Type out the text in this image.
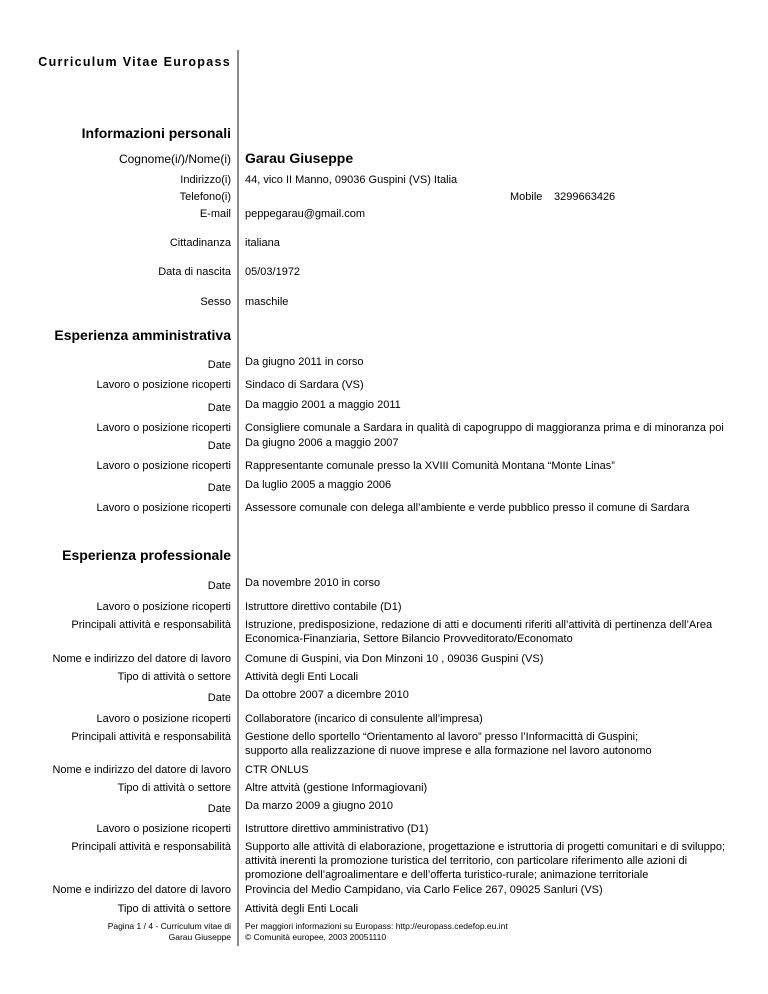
Curriculum Vitae Europass
Informazioni personali
Cognome(i/)/Nome(i) Garau Giuseppe
Indirizzo(i) 44, vico II Manno, 09036 Guspini (VS) Italia
Telefono(i)	Mobile 3299663426
E-mail peppegarau@gmail.com
Cittadinanza italiana
Data di nascita 05/03/1972
Sesso maschile
Esperienza amministrativa
Date Da giugno 2011 in corso
Lavoro o posizione ricoperti Sindaco di Sardara (VS)
Date Da maggio 2001 a maggio 2011
Lavoro o posizione ricoperti Consigliere comunale a Sardara in qualità di capogruppo di maggioranza prima e di minoranza poi
Date Da giugno 2006 a maggio 2007
Lavoro o posizione ricoperti Rappresentante comunale presso la XVIII Comunità Montana “Monte Linas”
Date Da luglio 2005 a maggio 2006
Lavoro o posizione ricoperti Assessore comunale con delega all’ambiente e verde pubblico presso il comune di Sardara
Esperienza professionale
Date Da novembre 2010 in corso
Lavoro o posizione ricoperti Istruttore direttivo contabile (D1)
Principali attività e responsabilità Istruzione, predisposizione, redazione di atti e documenti riferiti all’attività di pertinenza dell’Area
Economica-Finanziaria, Settore Bilancio Provveditorato/Economato
Nome e indirizzo del datore di lavoro Comune di Guspini, via Don Minzoni 10 , 09036 Guspini (VS)
Tipo di attività o settore Attività degli Enti Locali
Date Da ottobre 2007 a dicembre 2010
Lavoro o posizione ricoperti Collaboratore (incarico di consulente all’impresa)
Principali attività e responsabilità Gestione dello sportello “Orientamento al lavoro” presso l’Informacittà di Guspini;
supporto alla realizzazione di nuove imprese e alla formazione nel lavoro autonomo
Nome e indirizzo del datore di lavoro CTR ONLUS
Tipo di attività o settore Altre attvità (gestione Informagiovani)
Date Da marzo 2009 a giugno 2010
Lavoro o posizione ricoperti Istruttore direttivo amministrativo (D1)
Principali attività e responsabilità Supporto alle attività di elaborazione, progettazione e istruttoria di progetti comunitari e di sviluppo;
attività inerenti la promozione turistica del territorio, con particolare riferimento alle azioni di
promozione dell’agroalimentare e dell’offerta turistico-rurale; animazione territoriale
Nome e indirizzo del datore di lavoro Provincia del Medio Campidano, via Carlo Felice 267, 09025 Sanluri (VS)
Tipo di attività o settore Attività degli Enti Locali
Pagina 1 / 4 - Curriculum vitae di
Garau Giuseppe
Per maggiori informazioni su Europass: http://europass.cedefop.eu.int
© Comunità europee, 2003 20051110
